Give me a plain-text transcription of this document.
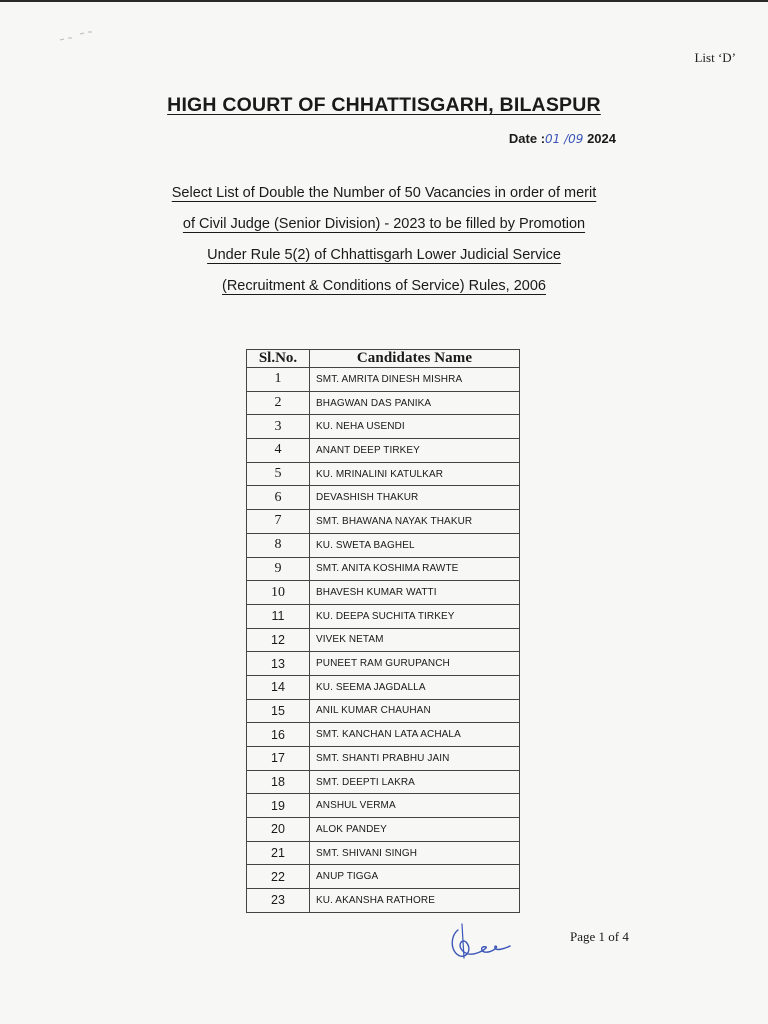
List ‘D’
HIGH COURT OF CHHATTISGARH, BILASPUR
Date :01 /09 2024
Select List of Double the Number of 50 Vacancies in order of merit
of Civil Judge (Senior Division) - 2023 to be filled by Promotion
Under Rule 5(2) of Chhattisgarh Lower Judicial Service
(Recruitment & Conditions of Service) Rules, 2006
Sl.No.	Candidates Name
1	SMT. AMRITA DINESH MISHRA
2	BHAGWAN DAS PANIKA
3	KU. NEHA USENDI
4	ANANT DEEP TIRKEY
5	KU. MRINALINI KATULKAR
6	DEVASHISH THAKUR
7	SMT. BHAWANA NAYAK THAKUR
8	KU. SWETA BAGHEL
9	SMT. ANITA KOSHIMA RAWTE
10	BHAVESH KUMAR WATTI
11	KU. DEEPA SUCHITA TIRKEY
12	VIVEK NETAM
13	PUNEET RAM GURUPANCH
14	KU. SEEMA JAGDALLA
15	ANIL KUMAR CHAUHAN
16	SMT. KANCHAN LATA ACHALA
17	SMT. SHANTI PRABHU JAIN
18	SMT. DEEPTI LAKRA
19	ANSHUL VERMA
20	ALOK PANDEY
21	SMT. SHIVANI SINGH
22	ANUP TIGGA
23	KU. AKANSHA RATHORE
Page 1 of 4
